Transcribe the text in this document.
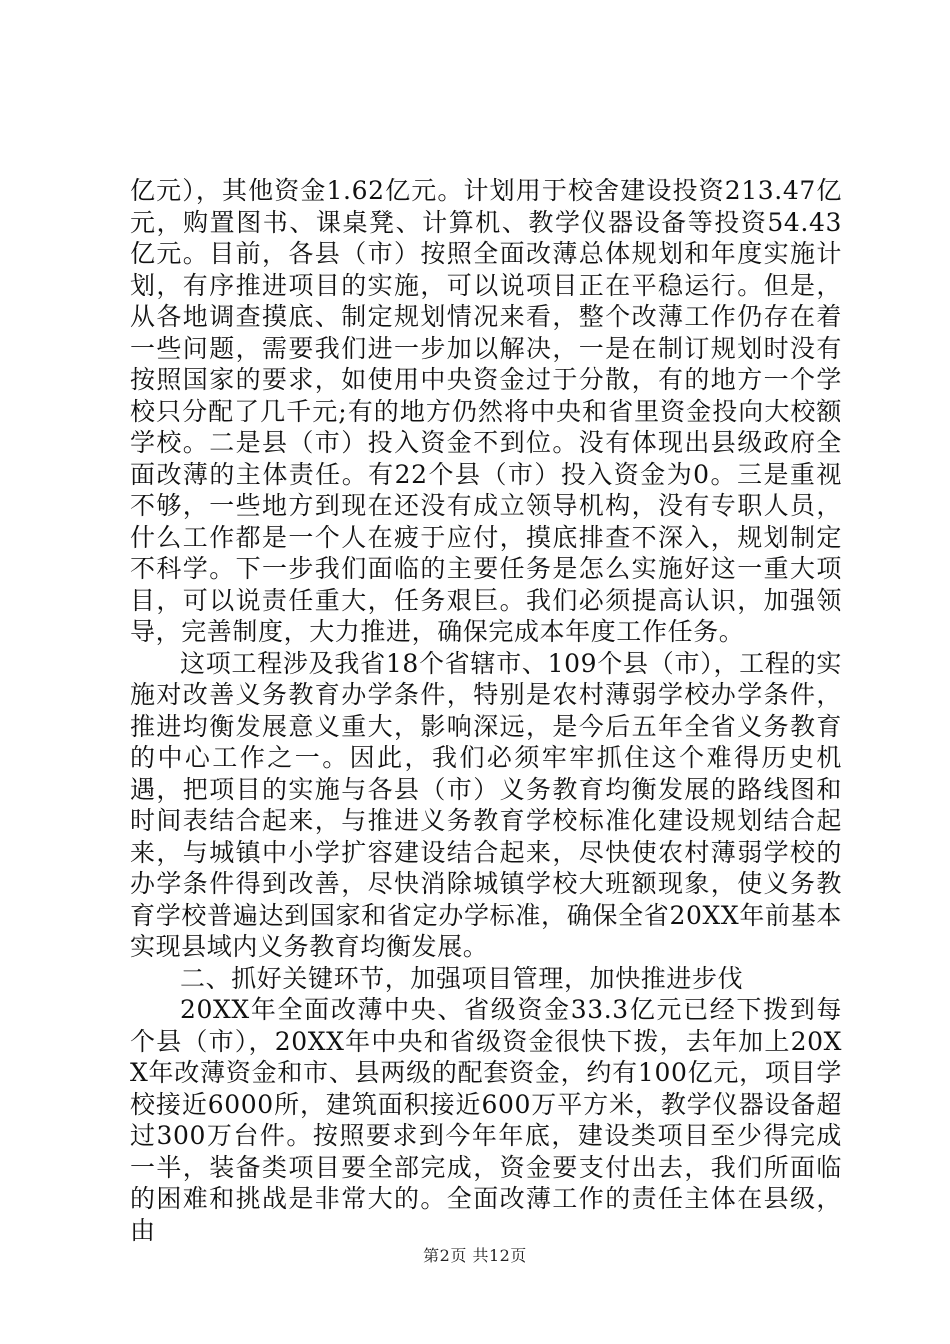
亿元），其他资金1.62亿元。计划用于校舍建设投资213.47亿元，购置图书、课桌凳、计算机、教学仪器设备等投资54.43亿元。目前，各县（市）按照全面改薄总体规划和年度实施计划，有序推进项目的实施，可以说项目正在平稳运行。但是，从各地调查摸底、制定规划情况来看，整个改薄工作仍存在着一些问题，需要我们进一步加以解决，一是在制订规划时没有按照国家的要求，如使用中央资金过于分散，有的地方一个学校只分配了几千元;有的地方仍然将中央和省里资金投向大校额学校。二是县（市）投入资金不到位。没有体现出县级政府全面改薄的主体责任。有22个县（市）投入资金为0。三是重视不够，一些地方到现在还没有成立领导机构，没有专职人员，什么工作都是一个人在疲于应付，摸底排查不深入，规划制定不科学。下一步我们面临的主要任务是怎么实施好这一重大项目，可以说责任重大，任务艰巨。我们必须提高认识，加强领导，完善制度，大力推进，确保完成本年度工作任务。

这项工程涉及我省18个省辖市、109个县（市），工程的实施对改善义务教育办学条件，特别是农村薄弱学校办学条件，推进均衡发展意义重大，影响深远，是今后五年全省义务教育的中心工作之一。因此，我们必须牢牢抓住这个难得历史机遇，把项目的实施与各县（市）义务教育均衡发展的路线图和时间表结合起来，与推进义务教育学校标准化建设规划结合起来，与城镇中小学扩容建设结合起来，尽快使农村薄弱学校的办学条件得到改善，尽快消除城镇学校大班额现象，使义务教育学校普遍达到国家和省定办学标准，确保全省20XX年前基本实现县域内义务教育均衡发展。

二、抓好关键环节，加强项目管理，加快推进步伐

20XX年全面改薄中央、省级资金33.3亿元已经下拨到每个县（市），20XX年中央和省级资金很快下拨，去年加上20XX年改薄资金和市、县两级的配套资金，约有100亿元，项目学校接近6000所，建筑面积接近600万平方米，教学仪器设备超过300万台件。按照要求到今年年底，建设类项目至少得完成一半，装备类项目要全部完成，资金要支付出去，我们所面临的困难和挑战是非常大的。全面改薄工作的责任主体在县级，由

第2页 共12页
